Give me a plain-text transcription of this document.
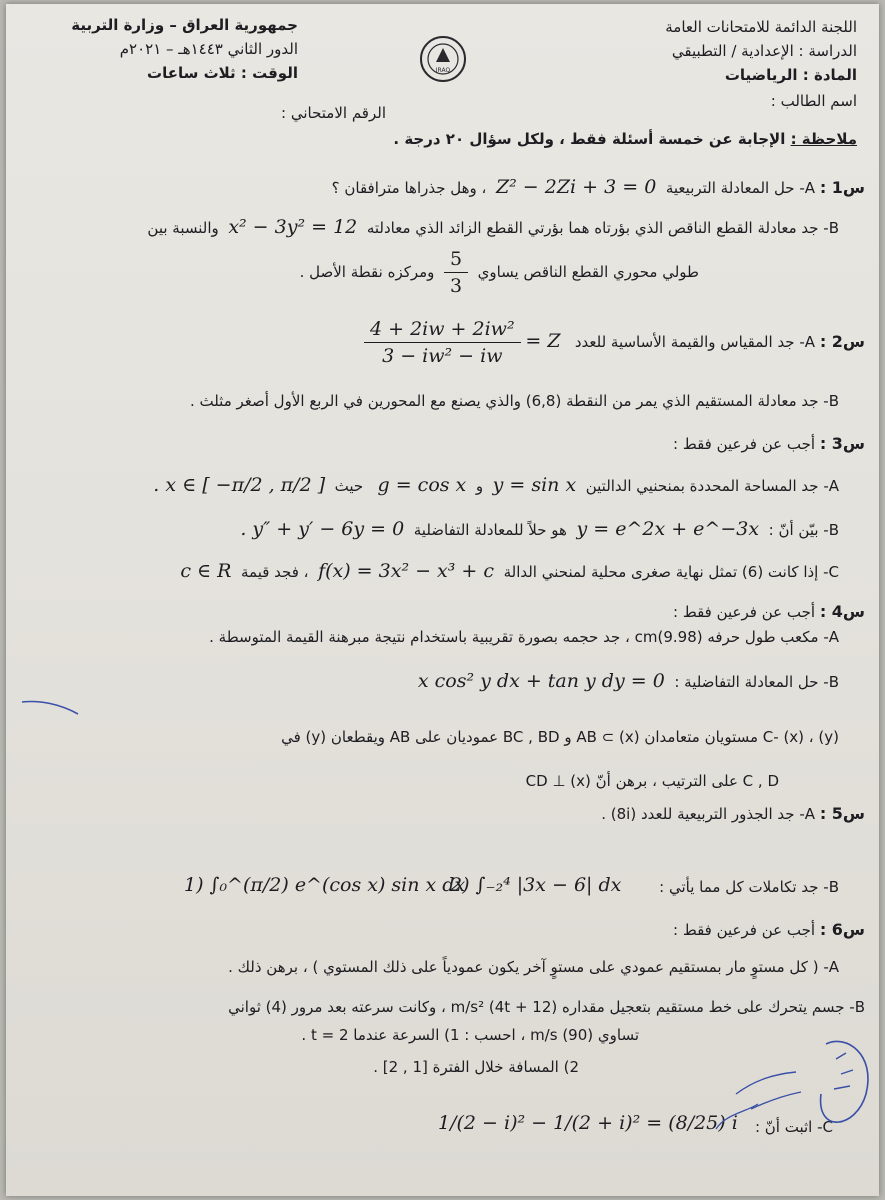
اللجنة الدائمة للامتحانات العامة
الدراسة : الإعدادية / التطبيقي
المادة : الرياضيات
اسم الطالب :
IRAQ
جمهورية العراق – وزارة التربية
الدور الثاني ١٤٤٣هـ – ٢٠٢١م
الوقت : ثلاث ساعات
الرقم الامتحاني :
ملاحظة : الإجابة عن خمسة أسئلة فقط ، ولكل سؤال ٢٠ درجة .
س1 : A- حل المعادلة التربيعية  Z² − 2Zi + 3 = 0  ، وهل جذراها مترافقان ؟
B- جد معادلة القطع الناقص الذي بؤرتاه هما بؤرتي القطع الزائد الذي معادلته  x² − 3y² = 12  والنسبة بين
طولي محوري القطع الناقص يساوي
$\frac{5}{3}$
ومركزه نقطة الأصل .
س2 : A- جد المقياس والقيمة الأساسية للعدد   Z =
$\frac{\text{4 + 2iw + 2iw²}}{\text{3 − iw² − iw}}$
B- جد معادلة المستقيم الذي يمر من النقطة (6,8) والذي يصنع مع المحورين في الربع الأول أصغر مثلث .
س3 : أجب عن فرعين فقط :
A- جد المساحة المحددة بمنحنيي الدالتين  y = sin x  و  g = cos x   حيث  x ∈ [ −π/2 , π/2 ] .
B- بيّن أنّ :  y = e^2x + e^−3x  هو حلاً للمعادلة التفاضلية  y″ + y′ − 6y = 0 .
C- إذا كانت (6) تمثل نهاية صغرى محلية لمنحني الدالة  f(x) = 3x² − x³ + c  ، فجد قيمة  c ∈ R
س4 : أجب عن فرعين فقط :
A- مكعب طول حرفه (9.98)cm ، جد حجمه بصورة تقريبية باستخدام نتيجة مبرهنة القيمة المتوسطة .
B- حل المعادلة التفاضلية :  x cos² y dx + tan y dy = 0
C- (x) ، (y) مستويان متعامدان AB ⊂ (x) و BC , BD عموديان على AB ويقطعان (y) في
C , D على الترتيب ، برهن أنّ CD ⊥ (x)
س5 : A- جد الجذور التربيعية للعدد (8i) .
B- جد تكاملات كل مما يأتي :
2) ∫₋₂⁴ |3x − 6| dx
1) ∫₀^(π/2) e^(cos x) sin x dx
س6 : أجب عن فرعين فقط :
A- ( كل مستوٍ مار بمستقيم عمودي على مستوٍ آخر يكون عمودياً على ذلك المستوي ) ، برهن ذلك .
B- جسم يتحرك على خط مستقيم بتعجيل مقداره (4t + 12) m/s² ، وكانت سرعته بعد مرور (4) ثواني
تساوي (90) m/s ، احسب : 1) السرعة عندما t = 2 .
2) المسافة خلال الفترة [1 , 2] .
C- اثبت أنّ :
1/(2 − i)² − 1/(2 + i)² = (8/25) i
